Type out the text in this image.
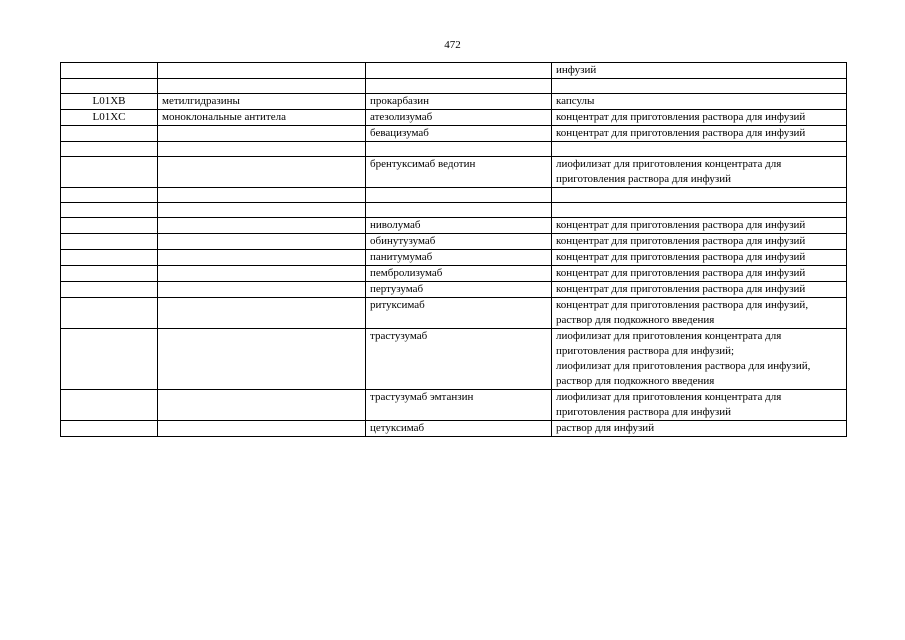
472
			инфузий

L01XB	метилгидразины	прокарбазин	капсулы
L01XC	моноклональные антитела	атезолизумаб	концентрат для приготовления раствора для инфузий
		бевацизумаб	концентрат для приготовления раствора для инфузий

		брентуксимаб ведотин	лиофилизат для приготовления концентрата для приготовления раствора для инфузий

		ниволумаб	концентрат для приготовления раствора для инфузий
		обинутузумаб	концентрат для приготовления раствора для инфузий
		панитумумаб	концентрат для приготовления раствора для инфузий
		пембролизумаб	концентрат для приготовления раствора для инфузий
		пертузумаб	концентрат для приготовления раствора для инфузий
		ритуксимаб	концентрат для приготовления раствора для инфузий,
раствор для подкожного введения
		трастузумаб	лиофилизат для приготовления концентрата для приготовления раствора для инфузий;
лиофилизат для приготовления раствора для инфузий,
раствор для подкожного введения
		трастузумаб эмтанзин	лиофилизат для приготовления концентрата для приготовления раствора для инфузий
		цетуксимаб	раствор для инфузий
